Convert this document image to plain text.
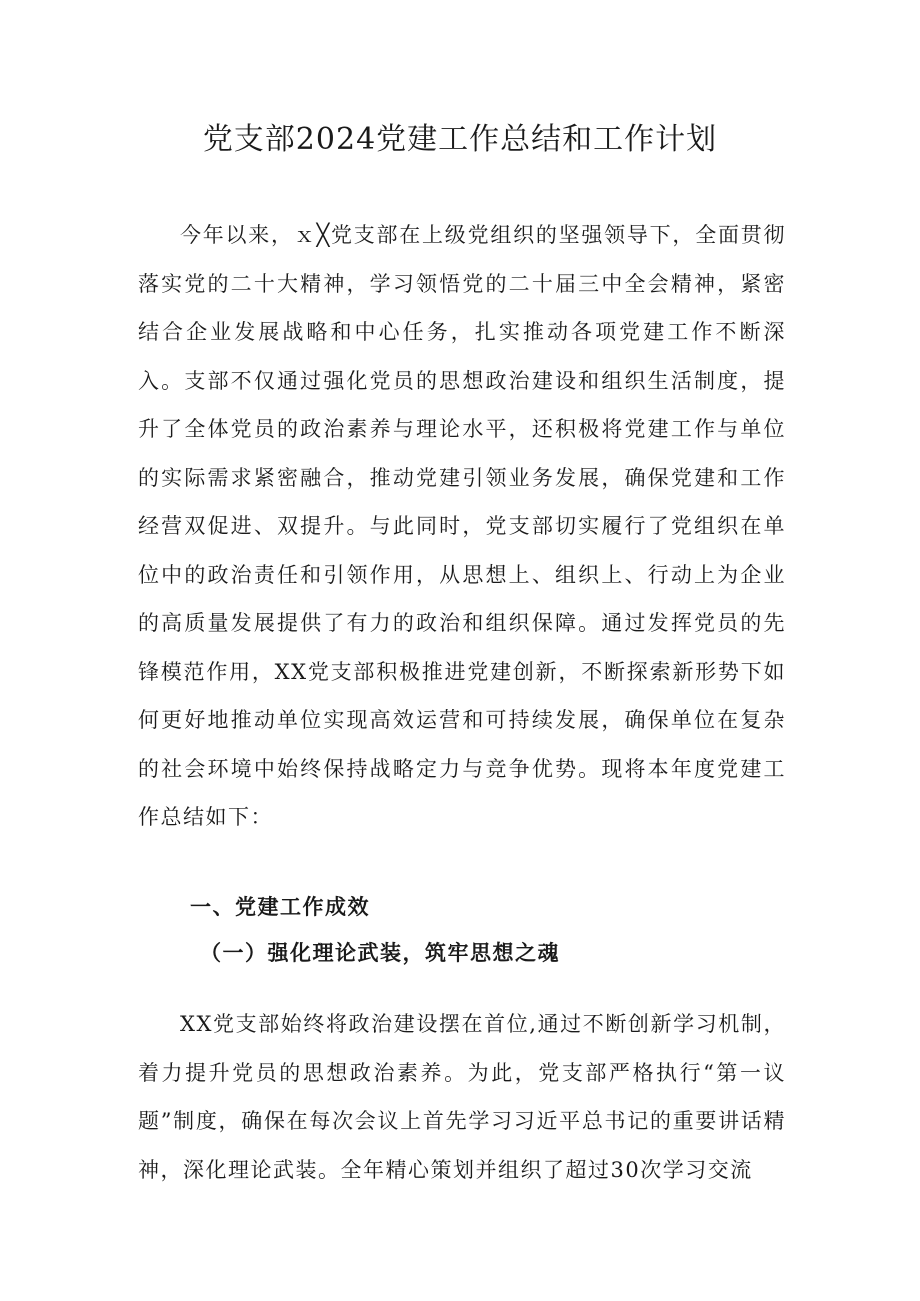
党支部2024党建工作总结和工作计划

今年以来，ｘ╳党支部在上级党组织的坚强领导下，全面贯彻落实党的二十大精神，学习领悟党的二十届三中全会精神，紧密结合企业发展战略和中心任务，扎实推动各项党建工作不断深入。支部不仅通过强化党员的思想政治建设和组织生活制度，提升了全体党员的政治素养与理论水平，还积极将党建工作与单位的实际需求紧密融合，推动党建引领业务发展，确保党建和工作经营双促进、双提升。与此同时，党支部切实履行了党组织在单位中的政治责任和引领作用，从思想上、组织上、行动上为企业的高质量发展提供了有力的政治和组织保障。通过发挥党员的先锋模范作用，XX党支部积极推进党建创新，不断探索新形势下如何更好地推动单位实现高效运营和可持续发展，确保单位在复杂的社会环境中始终保持战略定力与竞争优势。现将本年度党建工作总结如下：

一、党建工作成效
（一）强化理论武装，筑牢思想之魂

XX党支部始终将政治建设摆在首位,通过不断创新学习机制，着力提升党员的思想政治素养。为此，党支部严格执行“第一议题”制度，确保在每次会议上首先学习习近平总书记的重要讲话精神，深化理论武装。全年精心策划并组织了超过30次学习交流
